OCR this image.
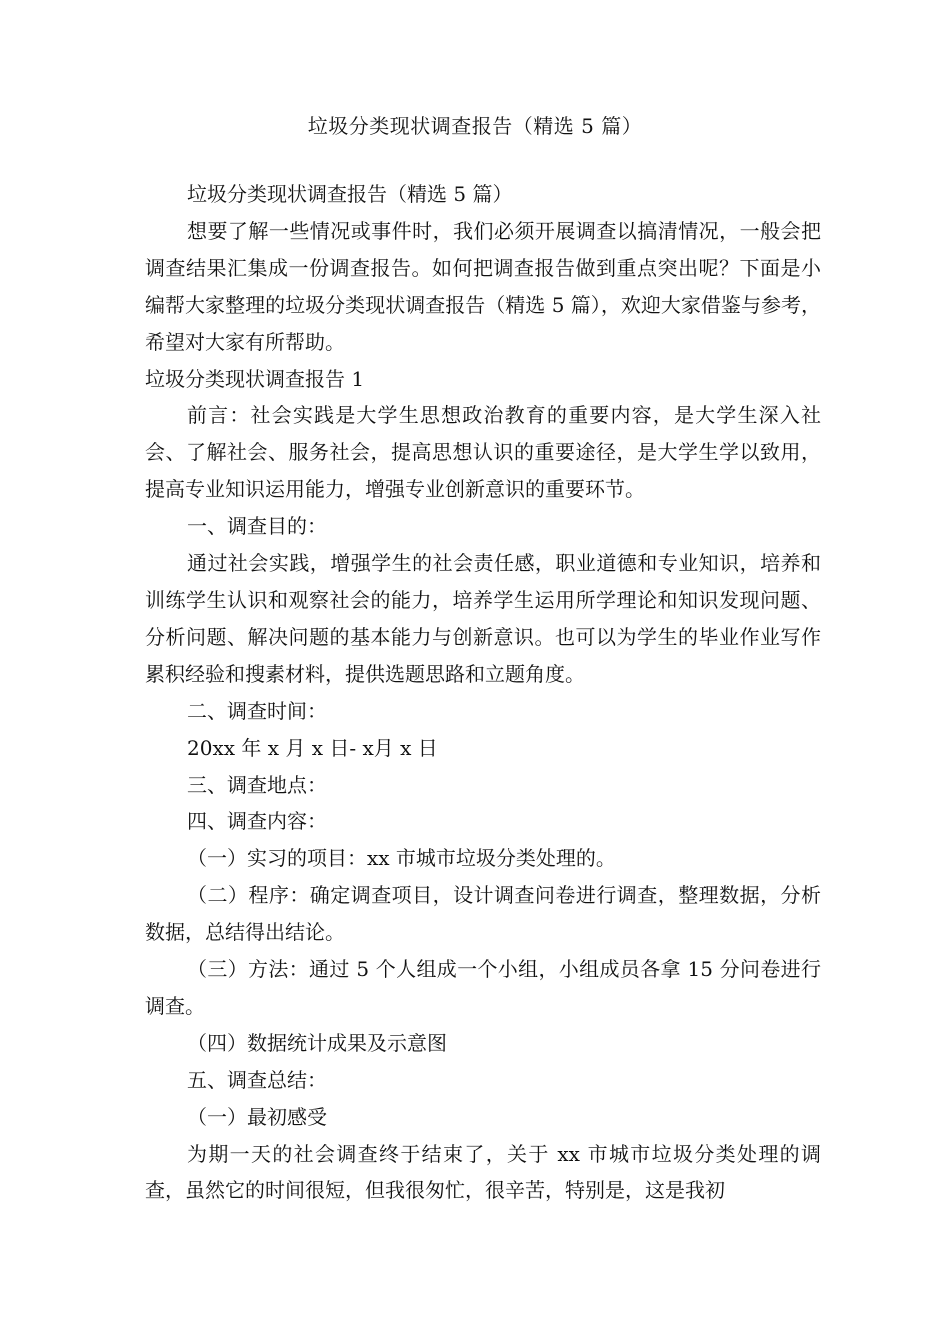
垃圾分类现状调查报告（精选 5 篇）

垃圾分类现状调查报告（精选 5 篇）

想要了解一些情况或事件时，我们必须开展调查以搞清情况，一般会把调查结果汇集成一份调查报告。如何把调查报告做到重点突出呢？下面是小编帮大家整理的垃圾分类现状调查报告（精选 5 篇），欢迎大家借鉴与参考，希望对大家有所帮助。

垃圾分类现状调查报告 1

前言：社会实践是大学生思想政治教育的重要内容，是大学生深入社会、了解社会、服务社会，提高思想认识的重要途径，是大学生学以致用，提高专业知识运用能力，增强专业创新意识的重要环节。

一、调查目的：

通过社会实践，增强学生的社会责任感，职业道德和专业知识，培养和训练学生认识和观察社会的能力，培养学生运用所学理论和知识发现问题、分析问题、解决问题的基本能力与创新意识。也可以为学生的毕业作业写作累积经验和搜素材料，提供选题思路和立题角度。

二、调查时间：

20xx 年 x 月 x 日- x月 x 日

三、调查地点：

四、调查内容：

（一）实习的项目：xx 市城市垃圾分类处理的。

（二）程序：确定调查项目，设计调查问卷进行调查，整理数据，分析数据，总结得出结论。

（三）方法：通过 5 个人组成一个小组，小组成员各拿 15 分问卷进行调查。

（四）数据统计成果及示意图

五、调查总结：

（一）最初感受

为期一天的社会调查终于结束了，关于 xx 市城市垃圾分类处理的调查，虽然它的时间很短，但我很匆忙，很辛苦，特别是，这是我初
